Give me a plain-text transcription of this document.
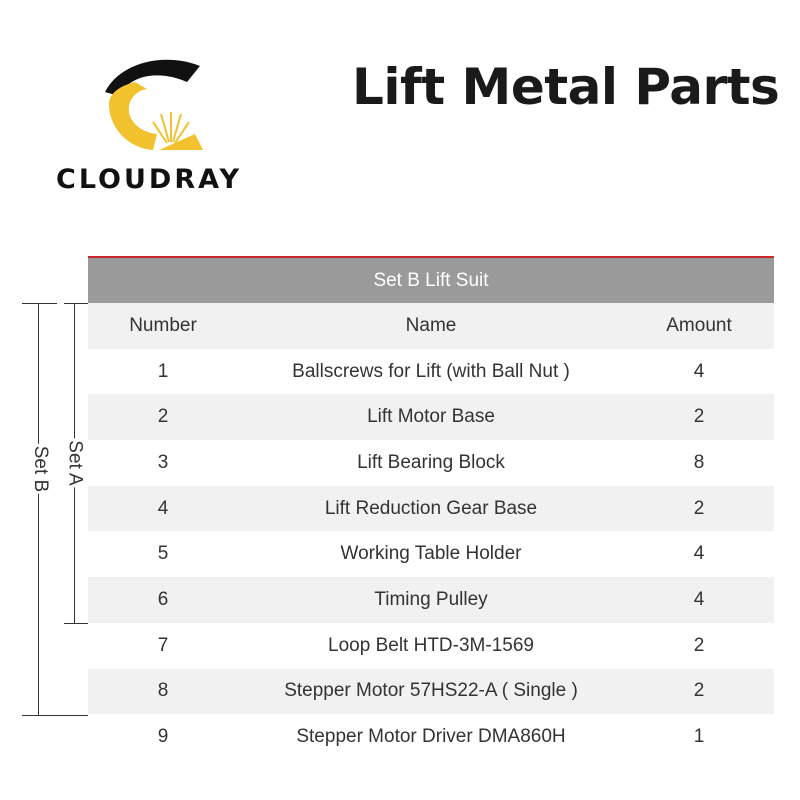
CLOUDRAY
Lift Metal Parts
Set B Set A
Set B Lift Suit
Number	Name	Amount
1	Ballscrews for Lift (with Ball Nut )	4
2	Lift Motor Base	2
3	Lift Bearing Block	8
4	Lift Reduction Gear Base	2
5	Working Table Holder	4
6	Timing Pulley	4
7	Loop Belt HTD-3M-1569	2
8	Stepper Motor 57HS22-A ( Single )	2
9	Stepper Motor Driver DMA860H	1
